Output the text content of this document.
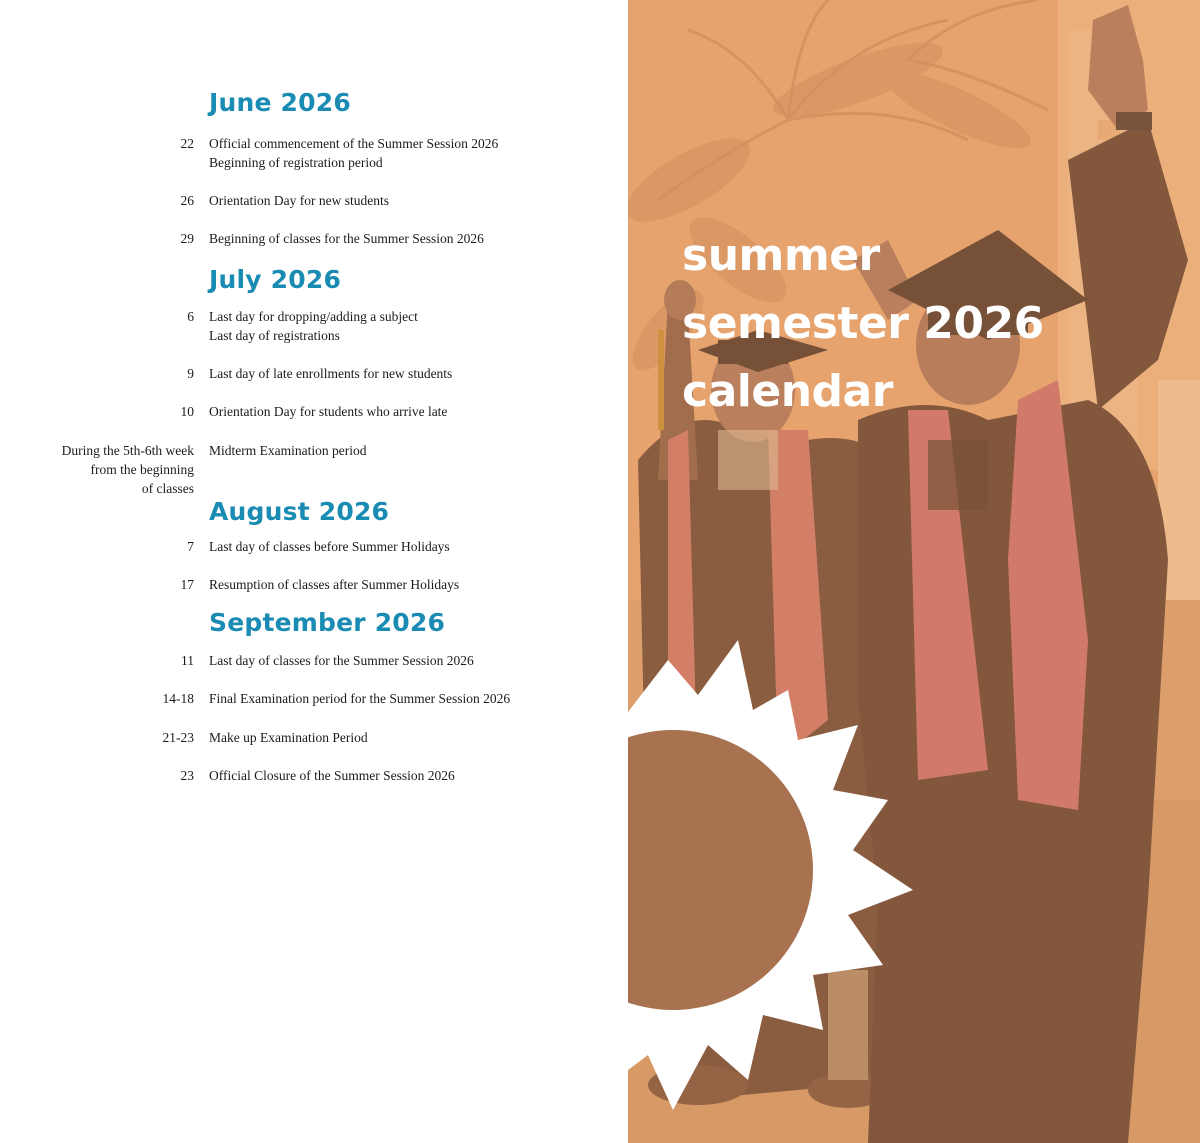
June 2026
22 Official commencement of the Summer Session 2026
Beginning of registration period
26 Orientation Day for new students
29 Beginning of classes for the Summer Session 2026
July 2026
6 Last day for dropping/adding a subject
Last day of registrations
9 Last day of late enrollments for new students
10 Orientation Day for students who arrive late
During the 5th-6th week
from the beginning
of classes
Midterm Examination period
August 2026
7 Last day of classes before Summer Holidays
17 Resumption of classes after Summer Holidays
September 2026
11 Last day of classes for the Summer Session 2026
14-18 Final Examination period for the Summer Session 2026
21-23 Make up Examination Period
23 Official Closure of the Summer Session 2026
summer
semester 2026
calendar
